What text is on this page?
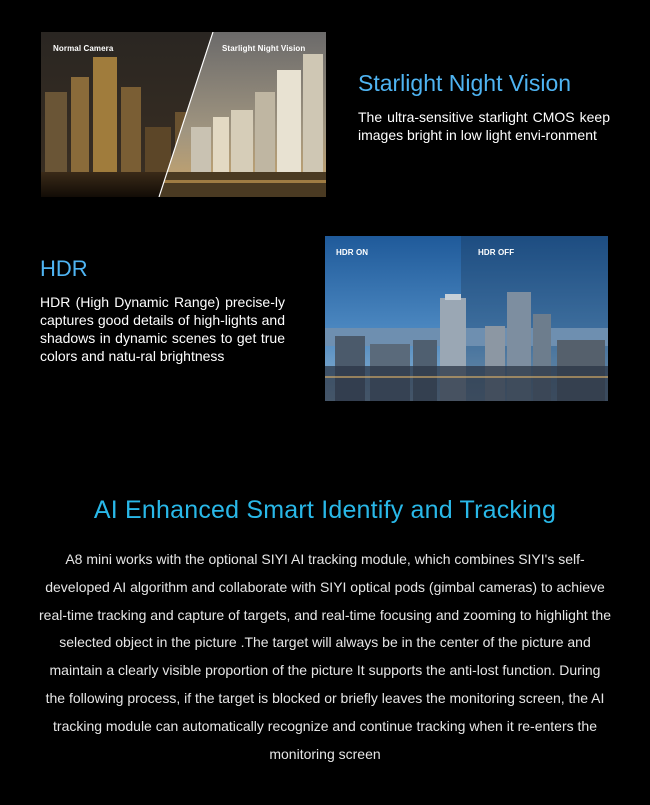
Normal Camera	Starlight Night Vision
Starlight Night Vision

The ultra-sensitive starlight CMOS keep images bright in low light envi-ronment

HDR

HDR (High Dynamic Range) precise-ly captures good details of high-lights and shadows in dynamic scenes to get true colors and natu-ral brightness

HDR ON	HDR OFF
AI Enhanced Smart Identify and Tracking

A8 mini works with the optional SIYI AI tracking module, which combines SIYI's self-developed AI algorithm and collaborate with SIYI optical pods (gimbal cameras) to achieve real-time tracking and capture of targets, and real-time focusing and zooming to highlight the selected object in the picture .The target will always be in the center of the picture and maintain a clearly visible proportion of the picture It supports the anti-lost function. During the following process, if the target is blocked or briefly leaves the monitoring screen, the AI tracking module can automatically recognize and continue tracking when it re-enters the monitoring screen
